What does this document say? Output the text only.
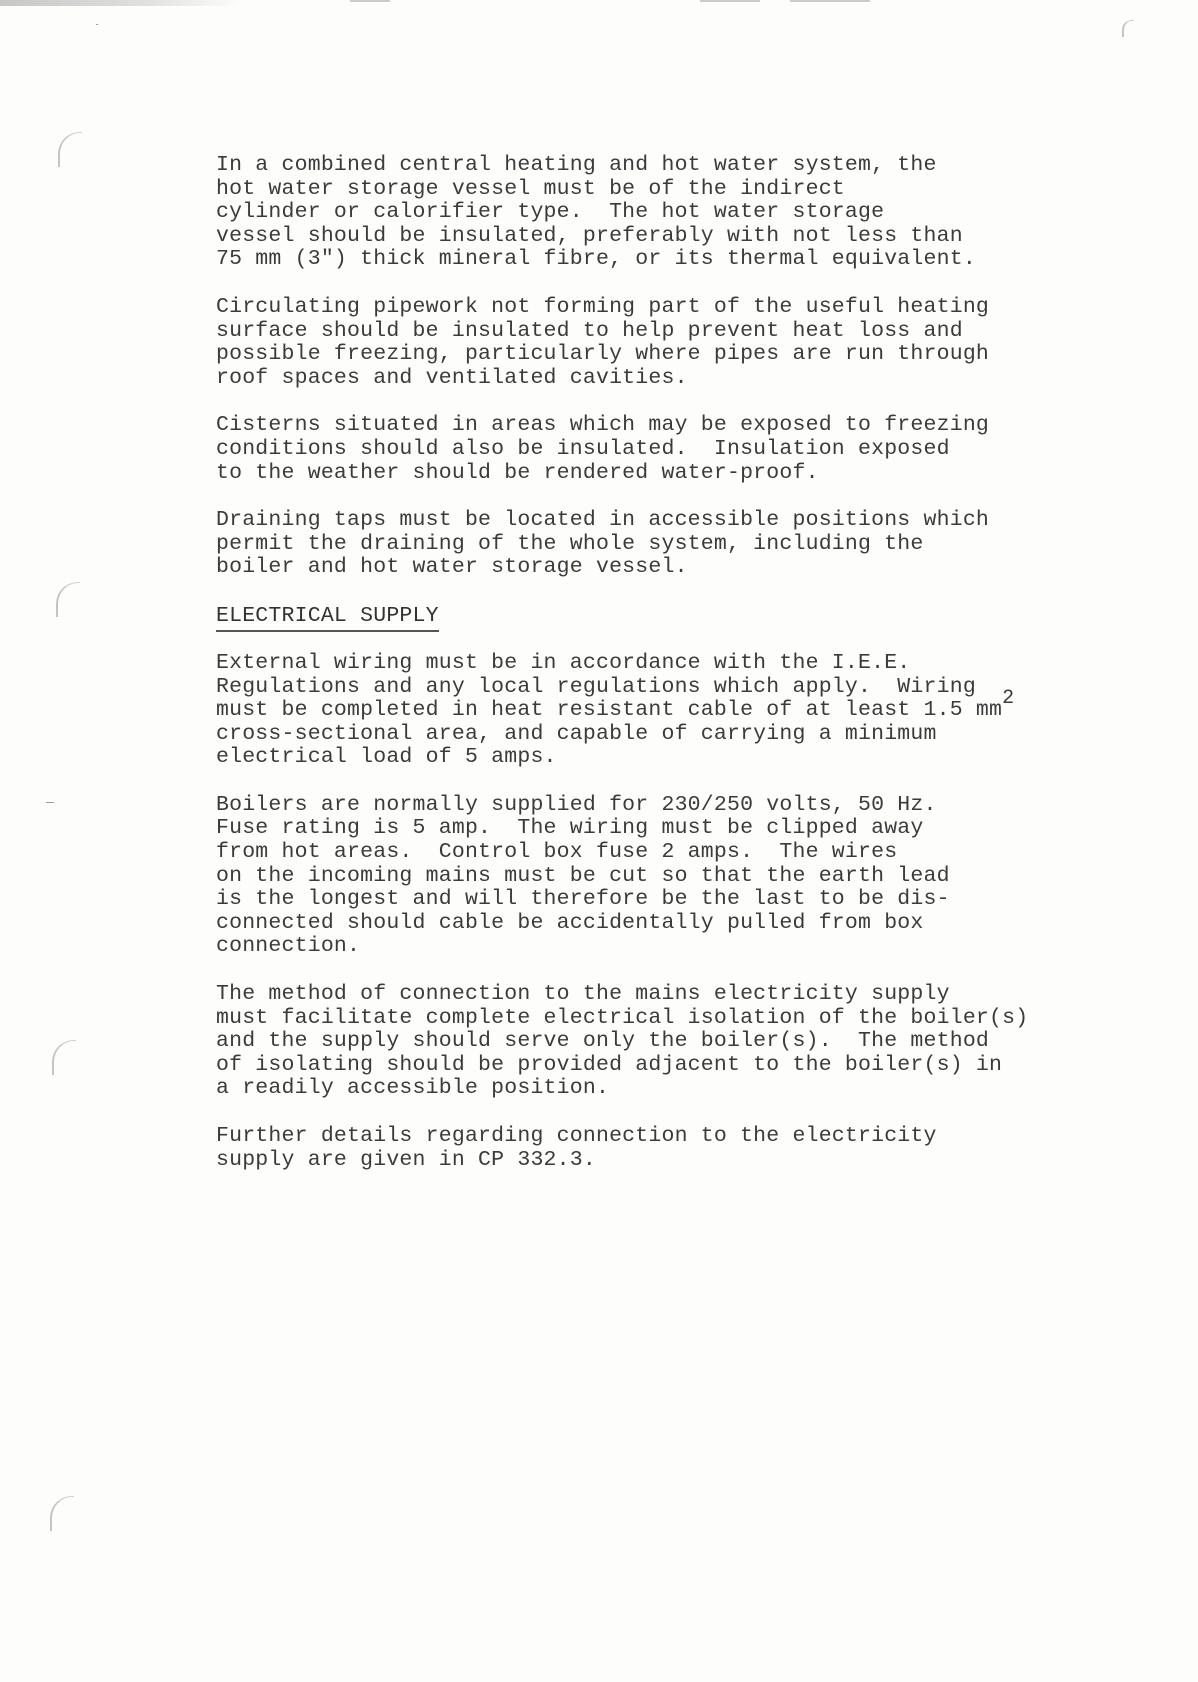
In a combined central heating and hot water system, the
hot water storage vessel must be of the indirect
cylinder or calorifier type.  The hot water storage
vessel should be insulated, preferably with not less than
75 mm (3") thick mineral fibre, or its thermal equivalent.

Circulating pipework not forming part of the useful heating
surface should be insulated to help prevent heat loss and
possible freezing, particularly where pipes are run through
roof spaces and ventilated cavities.

Cisterns situated in areas which may be exposed to freezing
conditions should also be insulated.  Insulation exposed
to the weather should be rendered water-proof.

Draining taps must be located in accessible positions which
permit the draining of the whole system, including the
boiler and hot water storage vessel.

ELECTRICAL SUPPLY

External wiring must be in accordance with the I.E.E.
Regulations and any local regulations which apply.  Wiring
must be completed in heat resistant cable of at least 1.5 mm2
cross-sectional area, and capable of carrying a minimum
electrical load of 5 amps.

Boilers are normally supplied for 230/250 volts, 50 Hz.
Fuse rating is 5 amp.  The wiring must be clipped away
from hot areas.  Control box fuse 2 amps.  The wires
on the incoming mains must be cut so that the earth lead
is the longest and will therefore be the last to be dis-
connected should cable be accidentally pulled from box
connection.

The method of connection to the mains electricity supply
must facilitate complete electrical isolation of the boiler(s)
and the supply should serve only the boiler(s).  The method
of isolating should be provided adjacent to the boiler(s) in
a readily accessible position.

Further details regarding connection to the electricity
supply are given in CP 332.3.
